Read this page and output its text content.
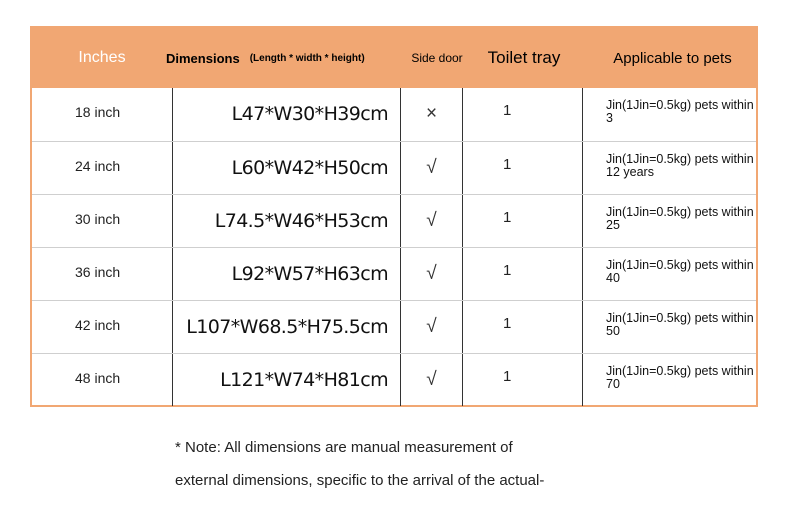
Inches	Dimensions (Length * width * height)	Side door	Toilet tray	Applicable to pets
18 inch	L47*W30*H39cm	×	1	Jin(1Jin=0.5kg) pets within 3
24 inch	L60*W42*H50cm	√	1	Jin(1Jin=0.5kg) pets within 12 years
30 inch	L74.5*W46*H53cm	√	1	Jin(1Jin=0.5kg) pets within 25
36 inch	L92*W57*H63cm	√	1	Jin(1Jin=0.5kg) pets within 40
42 inch	L107*W68.5*H75.5cm	√	1	Jin(1Jin=0.5kg) pets within 50
48 inch	L121*W74*H81cm	√	1	Jin(1Jin=0.5kg) pets within 70
* Note: All dimensions are manual measurement of
external dimensions, specific to the arrival of the actual-
